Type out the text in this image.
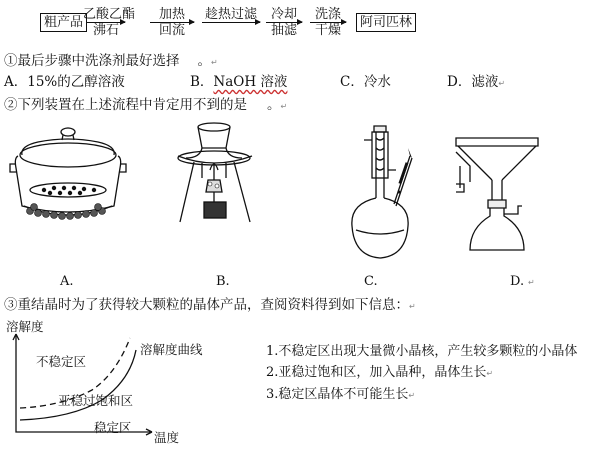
粗产品
乙酸乙酯
沸石
加热
回流
趁热过滤	冷却
抽滤
洗涤
干燥
阿司匹林
①最后步骤中洗涤剂最好选择 。↵
A．15%的乙醇溶液	B．NaOH 溶液	C．冷水	D．滤液↵
②下列装置在上述流程中肯定用不到的是 。↵
A.	B.	C.	D. ↵
③重结晶时为了获得较大颗粒的晶体产品，查阅资料得到如下信息：↵
溶解度
不稳定区
溶解度曲线
亚稳过饱和区
稳定区
温度
1.不稳定区出现大量微小晶核，产生较多颗粒的小晶体
2.亚稳过饱和区，加入晶种，晶体生长↵
3.稳定区晶体不可能生长↵
